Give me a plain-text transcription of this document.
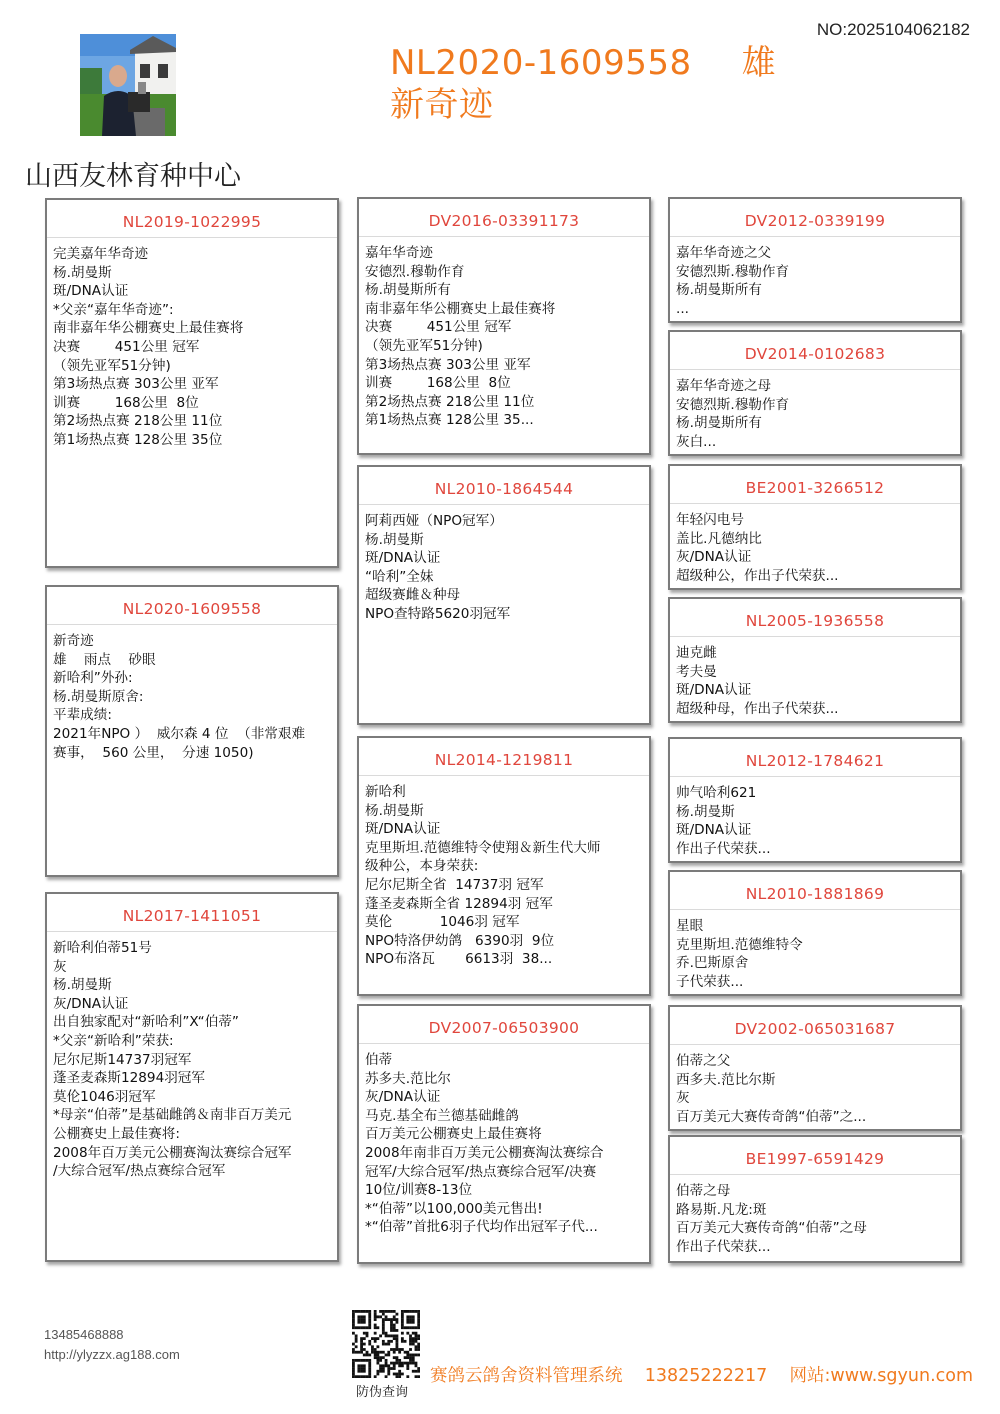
NO:2025104062182
NL2020-1609558 雄
新奇迹
山西友林育种中心
NL2019-1022995
完美嘉年华奇迹
杨.胡曼斯
斑/DNA认证
*父亲“嘉年华奇迹”:
南非嘉年华公棚赛史上最佳赛将
决赛        451公里 冠军
（领先亚军51分钟)
第3场热点赛 303公里 亚军
训赛        168公里  8位
第2场热点赛 218公里 11位
第1场热点赛 128公里 35位
NL2020-1609558
新奇迹
雄    雨点    砂眼
新哈利”外孙:
杨.胡曼斯原舍:
平辈成绩:
2021年NPO ）  威尔森 4 位  （非常艰难
赛事，  560 公里，  分速 1050)
NL2017-1411051
新哈利伯蒂51号
灰
杨.胡曼斯
灰/DNA认证
出自独家配对“新哈利”X“伯蒂”
*父亲“新哈利”荣获:
尼尔尼斯14737羽冠军
蓬圣麦森斯12894羽冠军
莫伦1046羽冠军
*母亲“伯蒂”是基础雌鸽＆南非百万美元
公棚赛史上最佳赛将:
2008年百万美元公棚赛淘汰赛综合冠军
/大综合冠军/热点赛综合冠军
DV2016-03391173
嘉年华奇迹
安德烈.穆勒作育
杨.胡曼斯所有
南非嘉年华公棚赛史上最佳赛将
决赛        451公里 冠军
（领先亚军51分钟)
第3场热点赛 303公里 亚军
训赛        168公里  8位
第2场热点赛 218公里 11位
第1场热点赛 128公里 35...
NL2010-1864544
阿莉西娅（NPO冠军）
杨.胡曼斯
斑/DNA认证
“哈利”全妹
超级赛雌＆种母
NPO查特路5620羽冠军
NL2014-1219811
新哈利
杨.胡曼斯
斑/DNA认证
克里斯坦.范德维特令使翔＆新生代大师
级种公，本身荣获:
尼尔尼斯全省  14737羽 冠军
蓬圣麦森斯全省 12894羽 冠军
莫伦           1046羽 冠军
NPO特洛伊幼鸽   6390羽  9位
NPO布洛瓦       6613羽  38...
DV2007-06503900
伯蒂
苏多夫.范比尔
灰/DNA认证
马克.基全布兰德基础雌鸽
百万美元公棚赛史上最佳赛将
2008年南非百万美元公棚赛淘汰赛综合
冠军/大综合冠军/热点赛综合冠军/决赛
10位/训赛8-13位
*“伯蒂”以100,000美元售出!
*“伯蒂”首批6羽子代均作出冠军子代...
DV2012-0339199
嘉年华奇迹之父
安德烈斯.穆勒作育
杨.胡曼斯所有
...
DV2014-0102683
嘉年华奇迹之母
安德烈斯.穆勒作育
杨.胡曼斯所有
灰白...
BE2001-3266512
年轻闪电号
盖比.凡德纳比
灰/DNA认证
超级种公，作出子代荣获...
NL2005-1936558
迪克雌
考夫曼
斑/DNA认证
超级种母，作出子代荣获...
NL2012-1784621
帅气哈利621
杨.胡曼斯
斑/DNA认证
作出子代荣获...
NL2010-1881869
星眼
克里斯坦.范德维特令
乔.巴斯原舍
子代荣获...
DV2002-065031687
伯蒂之父
西多夫.范比尔斯
灰
百万美元大赛传奇鸽“伯蒂”之...
BE1997-6591429
伯蒂之母
路易斯.凡龙:斑
百万美元大赛传奇鸽“伯蒂”之母
作出子代荣获...
13485468888
http://ylyzzx.ag188.com
防伪查询
赛鸽云鸽舍资料管理系统 13825222217 网站:www.sgyun.com
